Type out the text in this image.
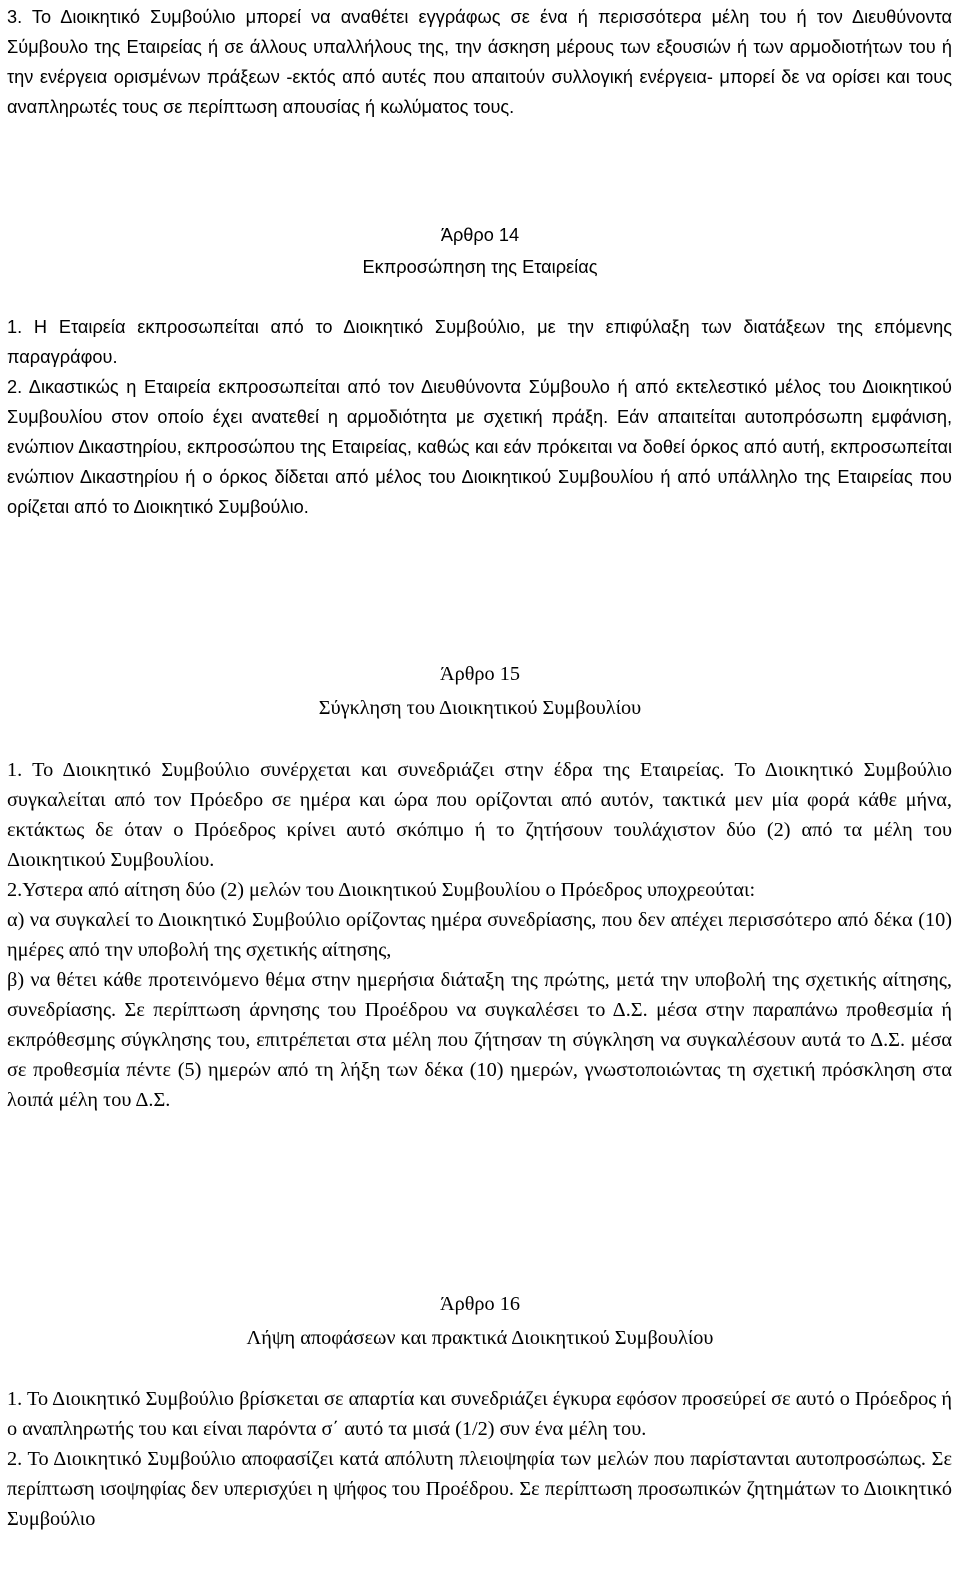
3. Το Διοικητικό Συμβούλιο μπορεί να αναθέτει εγγράφως σε ένα ή περισσότερα μέλη του ή τον Διευθύνοντα Σύμβουλο της Εταιρείας ή σε άλλους υπαλλήλους της, την άσκηση μέρους των εξουσιών ή των αρμοδιοτήτων του ή την ενέργεια ορισμένων πράξεων -εκτός από αυτές που απαιτούν συλλογική ενέργεια- μπορεί δε να ορίσει και τους αναπληρωτές τους σε περίπτωση απουσίας ή κωλύματος τους.

Άρθρο 14
Εκπροσώπηση της Εταιρείας
1. Η Εταιρεία εκπροσωπείται από το Διοικητικό Συμβούλιο, με την επιφύλαξη των διατάξεων της επόμενης παραγράφου.
2. Δικαστικώς η Εταιρεία εκπροσωπείται από τον Διευθύνοντα Σύμβουλο ή από εκτελεστικό μέλος του Διοικητικού Συμβουλίου στον οποίο έχει ανατεθεί η αρμοδιότητα με σχετική πράξη. Εάν απαιτείται αυτοπρόσωπη εμφάνιση, ενώπιον Δικαστηρίου, εκπροσώπου της Εταιρείας, καθώς και εάν πρόκειται να δοθεί όρκος από αυτή, εκπροσωπείται ενώπιον Δικαστηρίου ή ο όρκος δίδεται από μέλος του Διοικητικού Συμβουλίου ή από υπάλληλο της Εταιρείας που ορίζεται από το Διοικητικό Συμβούλιο.
Άρθρο 15
Σύγκληση του Διοικητικού Συμβουλίου
1. Το Διοικητικό Συμβούλιο συνέρχεται και συνεδριάζει στην έδρα της Εταιρείας. Το Διοικητικό Συμβούλιο συγκαλείται από τον Πρόεδρο σε ημέρα και ώρα που ορίζονται από αυτόν, τακτικά μεν μία φορά κάθε μήνα, εκτάκτως δε όταν ο Πρόεδρος κρίνει αυτό σκόπιμο ή το ζητήσουν τουλάχιστον δύο (2) από τα μέλη του Διοικητικού Συμβουλίου.
2.Υστερα από αίτηση δύο (2) μελών του Διοικητικού Συμβουλίου ο Πρόεδρος υποχρεούται:
α) να συγκαλεί το Διοικητικό Συμβούλιο ορίζοντας ημέρα συνεδρίασης, που δεν απέχει περισσότερο από δέκα (10) ημέρες από την υποβολή της σχετικής αίτησης,
β) να θέτει κάθε προτεινόμενο θέμα στην ημερήσια διάταξη της πρώτης, μετά την υποβολή της σχετικής αίτησης, συνεδρίασης. Σε περίπτωση άρνησης του Προέδρου να συγκαλέσει το Δ.Σ. μέσα στην παραπάνω προθεσμία ή εκπρόθεσμης σύγκλησης του, επιτρέπεται στα μέλη που ζήτησαν τη σύγκληση να συγκαλέσουν αυτά το Δ.Σ. μέσα σε προθεσμία πέντε (5) ημερών από τη λήξη των δέκα (10) ημερών, γνωστοποιώντας τη σχετική πρόσκληση στα λοιπά μέλη του Δ.Σ.
Άρθρο 16
Λήψη αποφάσεων και πρακτικά Διοικητικού Συμβουλίου
1. Το Διοικητικό Συμβούλιο βρίσκεται σε απαρτία και συνεδριάζει έγκυρα εφόσον προσεύρεί σε αυτό ο Πρόεδρος ή ο αναπληρωτής του και είναι παρόντα σ΄ αυτό τα μισά (1/2) συν ένα μέλη του.
2. Το Διοικητικό Συμβούλιο αποφασίζει κατά απόλυτη πλειοψηφία των μελών που παρίστανται αυτοπροσώπως. Σε περίπτωση ισοψηφίας δεν υπερισχύει η ψήφος του Προέδρου. Σε περίπτωση προσωπικών ζητημάτων το Διοικητικό Συμβούλιο
